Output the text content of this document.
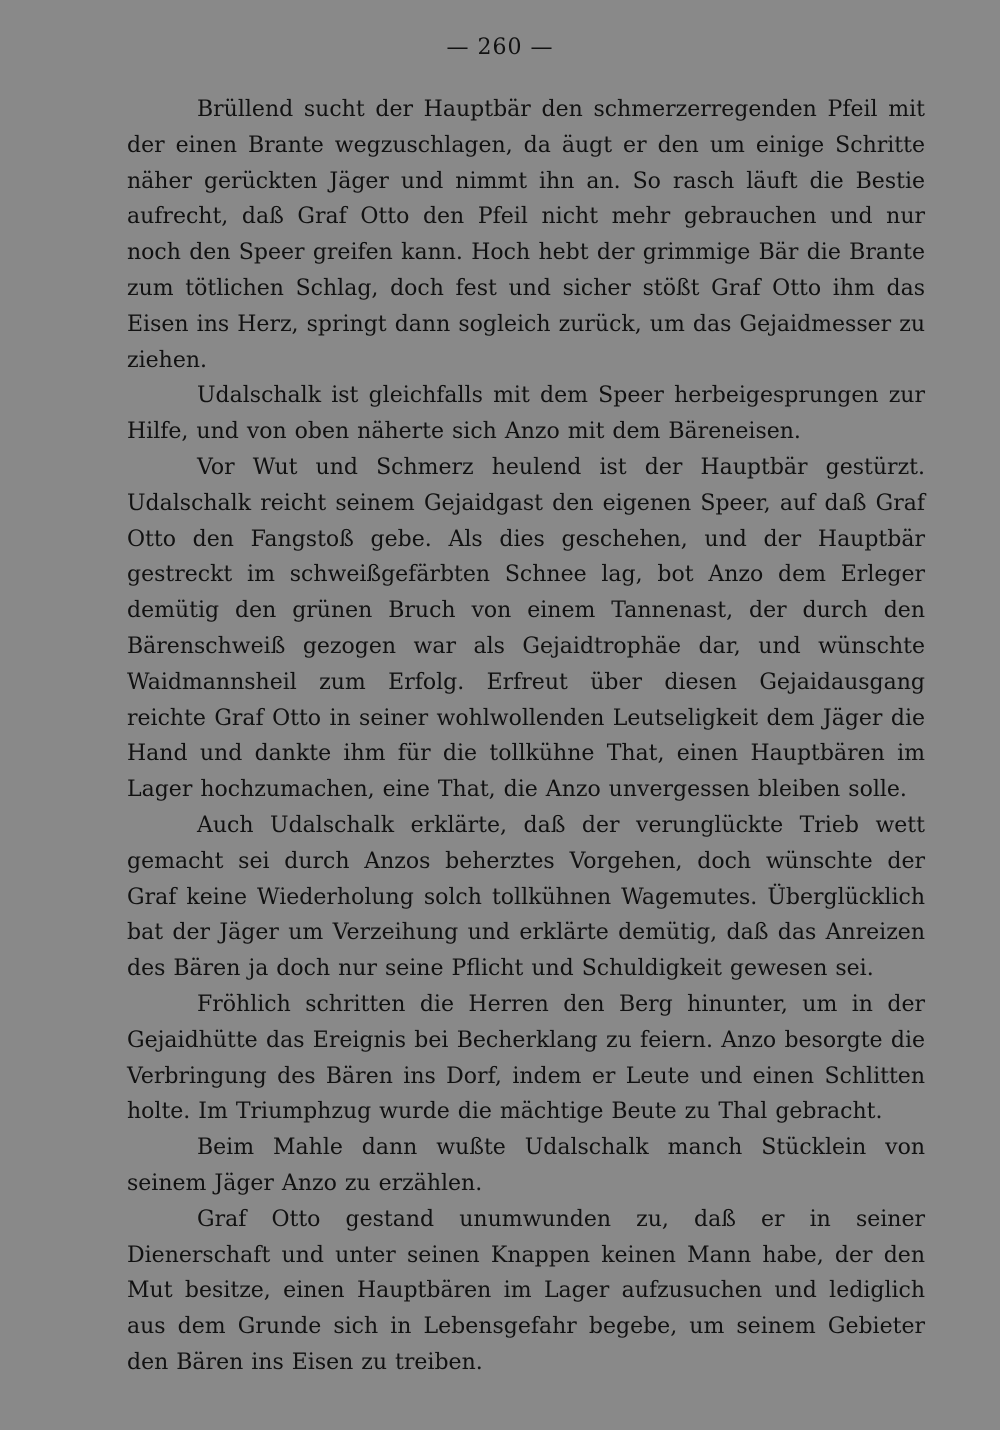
— 260 —

Brüllend sucht der Hauptbär den schmerzerregenden Pfeil mit der einen Brante wegzuschlagen, da äugt er den um einige Schritte näher gerückten Jäger und nimmt ihn an. So rasch läuft die Bestie aufrecht, daß Graf Otto den Pfeil nicht mehr gebrauchen und nur noch den Speer greifen kann. Hoch hebt der grimmige Bär die Brante zum tötlichen Schlag, doch fest und sicher stößt Graf Otto ihm das Eisen ins Herz, springt dann sogleich zurück, um das Gejaidmesser zu ziehen.

Udalschalk ist gleichfalls mit dem Speer herbeigesprungen zur Hilfe, und von oben näherte sich Anzo mit dem Bäreneisen.

Vor Wut und Schmerz heulend ist der Hauptbär gestürzt. Udalschalk reicht seinem Gejaidgast den eigenen Speer, auf daß Graf Otto den Fangstoß gebe. Als dies geschehen, und der Hauptbär gestreckt im schweißgefärbten Schnee lag, bot Anzo dem Erleger demütig den grünen Bruch von einem Tannenast, der durch den Bärenschweiß gezogen war als Gejaidtrophäe dar, und wünschte Waidmannsheil zum Erfolg. Erfreut über diesen Gejaidausgang reichte Graf Otto in seiner wohlwollenden Leutseligkeit dem Jäger die Hand und dankte ihm für die tollkühne That, einen Hauptbären im Lager hochzumachen, eine That, die Anzo unvergessen bleiben solle.

Auch Udalschalk erklärte, daß der verunglückte Trieb wett gemacht sei durch Anzos beherztes Vorgehen, doch wünschte der Graf keine Wiederholung solch tollkühnen Wagemutes. Überglücklich bat der Jäger um Verzeihung und erklärte demütig, daß das Anreizen des Bären ja doch nur seine Pflicht und Schuldigkeit gewesen sei.

Fröhlich schritten die Herren den Berg hinunter, um in der Gejaidhütte das Ereignis bei Becherklang zu feiern. Anzo besorgte die Verbringung des Bären ins Dorf, indem er Leute und einen Schlitten holte. Im Triumphzug wurde die mächtige Beute zu Thal gebracht.

Beim Mahle dann wußte Udalschalk manch Stücklein von seinem Jäger Anzo zu erzählen.

Graf Otto gestand unumwunden zu, daß er in seiner Dienerschaft und unter seinen Knappen keinen Mann habe, der den Mut besitze, einen Hauptbären im Lager aufzusuchen und lediglich aus dem Grunde sich in Lebensgefahr begebe, um seinem Gebieter den Bären ins Eisen zu treiben.
